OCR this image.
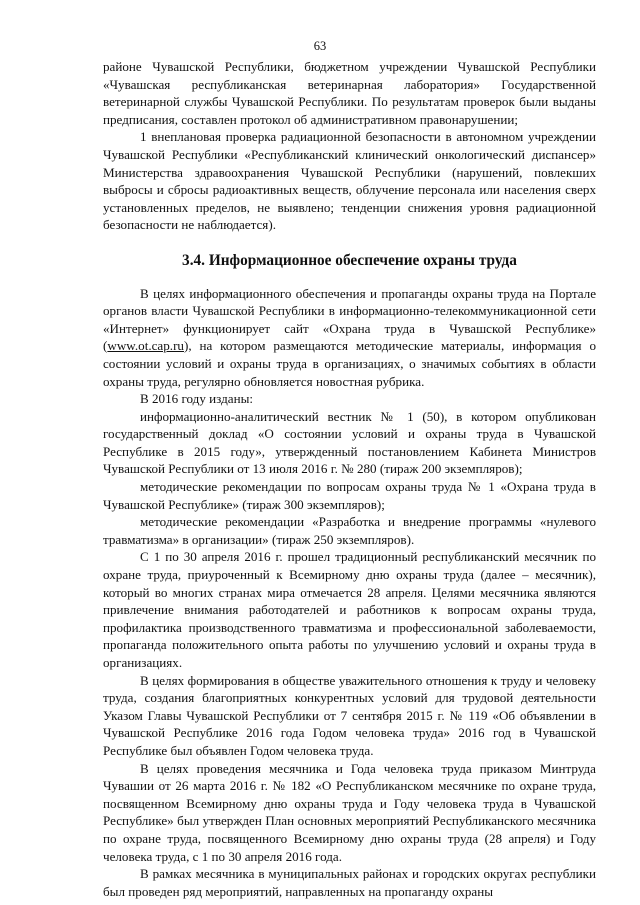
63

районе Чувашской Республики, бюджетном учреждении Чувашской Республики «Чувашская республиканская ветеринарная лаборатория» Государственной ветеринарной службы Чувашской Республики. По результатам проверок были выданы предписания, составлен протокол об административном правонарушении;

1 внеплановая проверка радиационной безопасности в автономном учреждении Чувашской Республики «Республиканский клинический онкологический диспансер» Министерства здравоохранения Чувашской Республики (нарушений, повлекших выбросы и сбросы радиоактивных веществ, облучение персонала или населения сверх установленных пределов, не выявлено; тенденции снижения уровня радиационной безопасности не наблюдается).

3.4. Информационное обеспечение охраны труда

В целях информационного обеспечения и пропаганды охраны труда на Портале органов власти Чувашской Республики в информационно-телекоммуникационной сети «Интернет» функционирует сайт «Охрана труда в Чувашской Республике» (www.ot.cap.ru), на котором размещаются методические материалы, информация о состоянии условий и охраны труда в организациях, о значимых событиях в области охраны труда, регулярно обновляется новостная рубрика.

В 2016 году изданы:

информационно-аналитический вестник № 1 (50), в котором опубликован государственный доклад «О состоянии условий и охраны труда в Чувашской Республике в 2015 году», утвержденный постановлением Кабинета Министров Чувашской Республики от 13 июля 2016 г. № 280 (тираж 200 экземпляров);

методические рекомендации по вопросам охраны труда № 1 «Охрана труда в Чувашской Республике» (тираж 300 экземпляров);

методические рекомендации «Разработка и внедрение программы «нулевого травматизма» в организации» (тираж 250 экземпляров).

С 1 по 30 апреля 2016 г. прошел традиционный республиканский месячник по охране труда, приуроченный к Всемирному дню охраны труда (далее – месячник), который во многих странах мира отмечается 28 апреля. Целями месячника являются привлечение внимания работодателей и работников к вопросам охраны труда, профилактика производственного травматизма и профессиональной заболеваемости, пропаганда положительного опыта работы по улучшению условий и охраны труда в организациях.

В целях формирования в обществе уважительного отношения к труду и человеку труда, создания благоприятных конкурентных условий для трудовой деятельности Указом Главы Чувашской Республики от 7 сентября 2015 г. № 119 «Об объявлении в Чувашской Республике 2016 года Годом человека труда» 2016 год в Чувашской Республике был объявлен Годом человека труда.

В целях проведения месячника и Года человека труда приказом Минтруда Чувашии от 26 марта 2016 г. № 182 «О Республиканском месячнике по охране труда, посвященном Всемирному дню охраны труда и Году человека труда в Чувашской Республике» был утвержден План основных мероприятий Республиканского месячника по охране труда, посвященного Всемирному дню охраны труда (28 апреля) и Году человека труда, с 1 по 30 апреля 2016 года.

В рамках месячника в муниципальных районах и городских округах республики был проведен ряд мероприятий, направленных на пропаганду охраны
